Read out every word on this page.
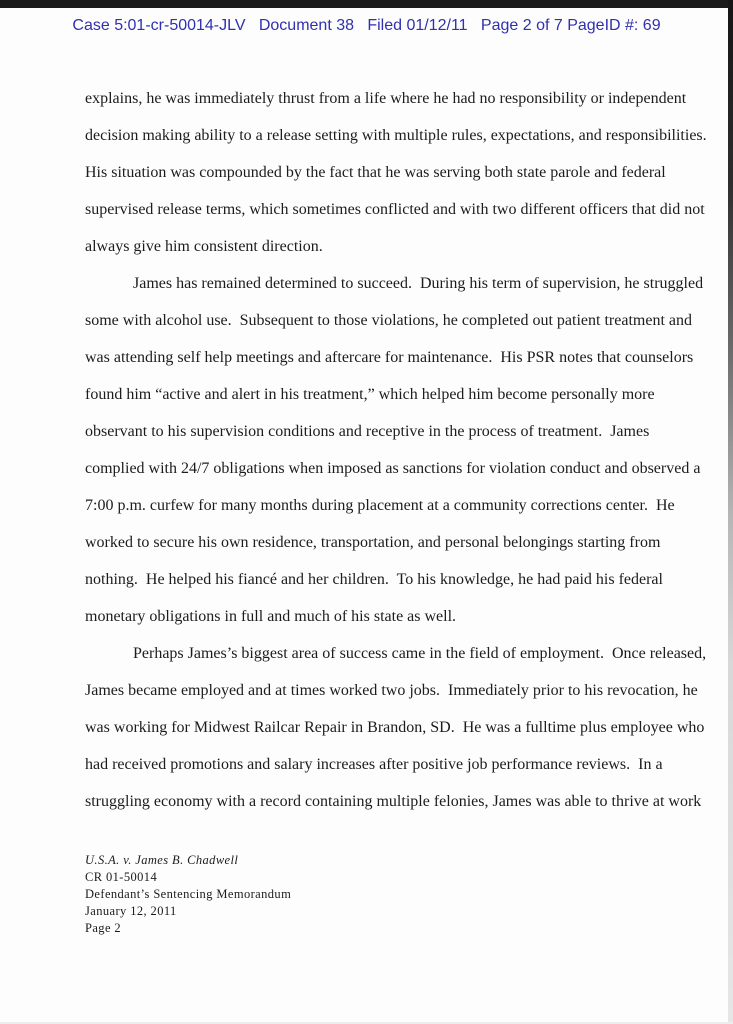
Case 5:01-cr-50014-JLV   Document 38   Filed 01/12/11   Page 2 of 7 PageID #: 69
explains, he was immediately thrust from a life where he had no responsibility or independent
decision making ability to a release setting with multiple rules, expectations, and responsibilities.
His situation was compounded by the fact that he was serving both state parole and federal
supervised release terms, which sometimes conflicted and with two different officers that did not
always give him consistent direction.
James has remained determined to succeed.  During his term of supervision, he struggled
some with alcohol use.  Subsequent to those violations, he completed out patient treatment and
was attending self help meetings and aftercare for maintenance.  His PSR notes that counselors
found him “active and alert in his treatment,” which helped him become personally more
observant to his supervision conditions and receptive in the process of treatment.  James
complied with 24/7 obligations when imposed as sanctions for violation conduct and observed a
7:00 p.m. curfew for many months during placement at a community corrections center.  He
worked to secure his own residence, transportation, and personal belongings starting from
nothing.  He helped his fiancé and her children.  To his knowledge, he had paid his federal
monetary obligations in full and much of his state as well.
Perhaps James’s biggest area of success came in the field of employment.  Once released,
James became employed and at times worked two jobs.  Immediately prior to his revocation, he
was working for Midwest Railcar Repair in Brandon, SD.  He was a fulltime plus employee who
had received promotions and salary increases after positive job performance reviews.  In a
struggling economy with a record containing multiple felonies, James was able to thrive at work
U.S.A. v. James B. Chadwell
CR 01-50014
Defendant’s Sentencing Memorandum
January 12, 2011
Page 2
